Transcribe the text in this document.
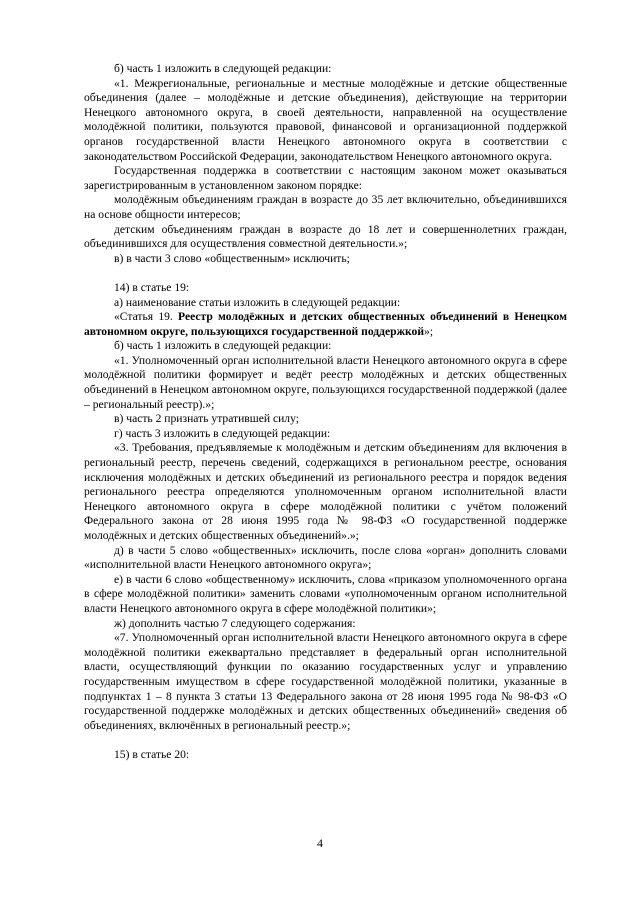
б) часть 1 изложить в следующей редакции:

«1. Межрегиональные, региональные и местные молодёжные и детские общественные объединения (далее – молодёжные и детские объединения), действующие на территории Ненецкого автономного округа, в своей деятельности, направленной на осуществление молодёжной политики, пользуются правовой, финансовой и организационной поддержкой органов государственной власти Ненецкого автономного округа в соответствии с законодательством Российской Федерации, законодательством Ненецкого автономного округа.

Государственная поддержка в соответствии с настоящим законом может оказываться зарегистрированным в установленном законом порядке:

молодёжным объединениям граждан в возрасте до 35 лет включительно, объединившихся на основе общности интересов;

детским объединениям граждан в возрасте до 18 лет и совершеннолетних граждан, объединившихся для осуществления совместной деятельности.»;

в) в части 3 слово «общественным» исключить;

14) в статье 19:

а) наименование статьи изложить в следующей редакции:

«Статья 19. Реестр молодёжных и детских общественных объединений в Ненецком автономном округе, пользующихся государственной поддержкой»;

б) часть 1 изложить в следующей редакции:

«1. Уполномоченный орган исполнительной власти Ненецкого автономного округа в сфере молодёжной политики формирует и ведёт реестр молодёжных и детских общественных объединений в Ненецком автономном округе, пользующихся государственной поддержкой (далее – региональный реестр).»;

в) часть 2 признать утратившей силу;

г) часть 3 изложить в следующей редакции:

«3. Требования, предъявляемые к молодёжным и детским объединениям для включения в региональный реестр, перечень сведений, содержащихся в региональном реестре, основания исключения молодёжных и детских объединений из регионального реестра и порядок ведения регионального реестра определяются уполномоченным органом исполнительной власти Ненецкого автономного округа в сфере молодёжной политики с учётом положений Федерального закона от 28 июня 1995 года № 98-ФЗ «О государственной поддержке молодёжных и детских общественных объединений».»;

д) в части 5 слово «общественных» исключить, после слова «орган» дополнить словами «исполнительной власти Ненецкого автономного округа»;

е) в части 6 слово «общественному» исключить, слова «приказом уполномоченного органа в сфере молодёжной политики» заменить словами «уполномоченным органом исполнительной власти Ненецкого автономного округа в сфере молодёжной политики»;

ж) дополнить частью 7 следующего содержания:

«7. Уполномоченный орган исполнительной власти Ненецкого автономного округа в сфере молодёжной политики ежеквартально представляет в федеральный орган исполнительной власти, осуществляющий функции по оказанию государственных услуг и управлению государственным имуществом в сфере государственной молодёжной политики, указанные в подпунктах 1 – 8 пункта 3 статьи 13 Федерального закона от 28 июня 1995 года № 98-ФЗ «О государственной поддержке молодёжных и детских общественных объединений» сведения об объединениях, включённых в региональный реестр.»;

15) в статье 20:

4
